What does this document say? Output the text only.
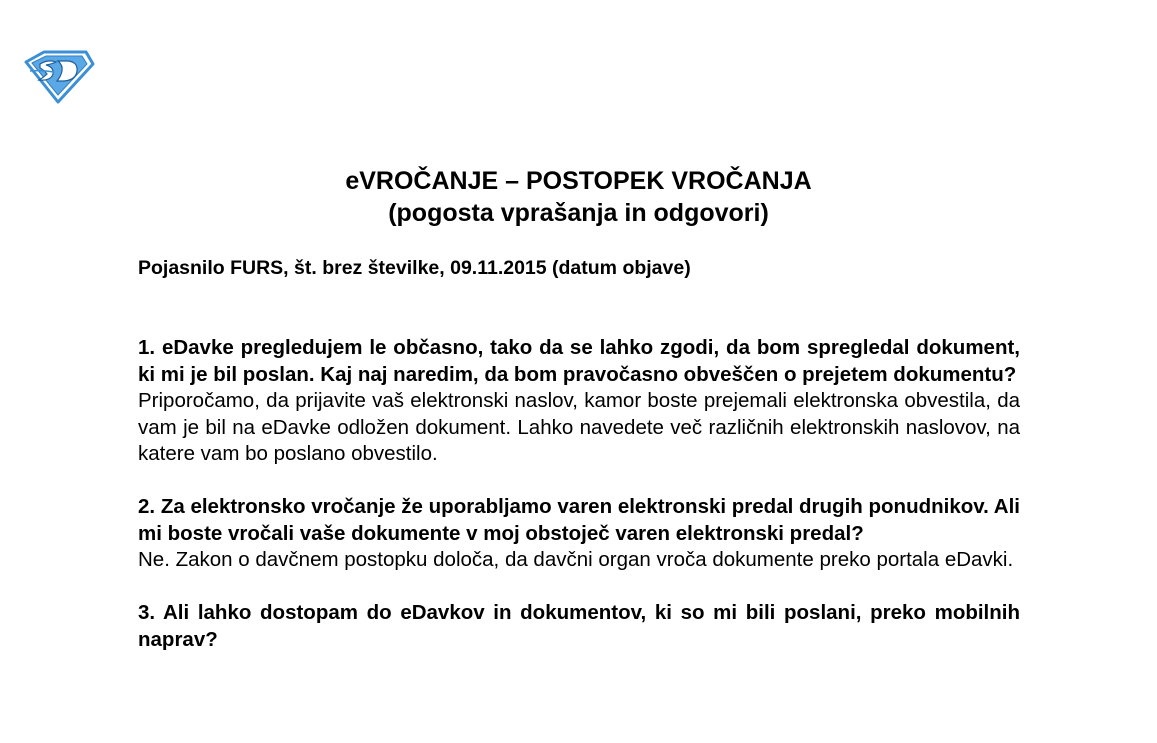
eVROČANJE – POSTOPEK VROČANJA
(pogosta vprašanja in odgovori)
Pojasnilo FURS, št. brez številke, 09.11.2015 (datum objave)
1. eDavke pregledujem le občasno, tako da se lahko zgodi, da bom spregledal dokument, ki mi je bil poslan. Kaj naj naredim, da bom pravočasno obveščen o prejetem dokumentu?
Priporočamo, da prijavite vaš elektronski naslov, kamor boste prejemali elektronska obvestila, da vam je bil na eDavke odložen dokument. Lahko navedete več različnih elektronskih naslovov, na katere vam bo poslano obvestilo.
2. Za elektronsko vročanje že uporabljamo varen elektronski predal drugih ponudnikov. Ali mi boste vročali vaše dokumente v moj obstoječ varen elektronski predal?
Ne. Zakon o davčnem postopku določa, da davčni organ vroča dokumente preko portala eDavki.
3. Ali lahko dostopam do eDavkov in dokumentov, ki so mi bili poslani, preko mobilnih naprav?
